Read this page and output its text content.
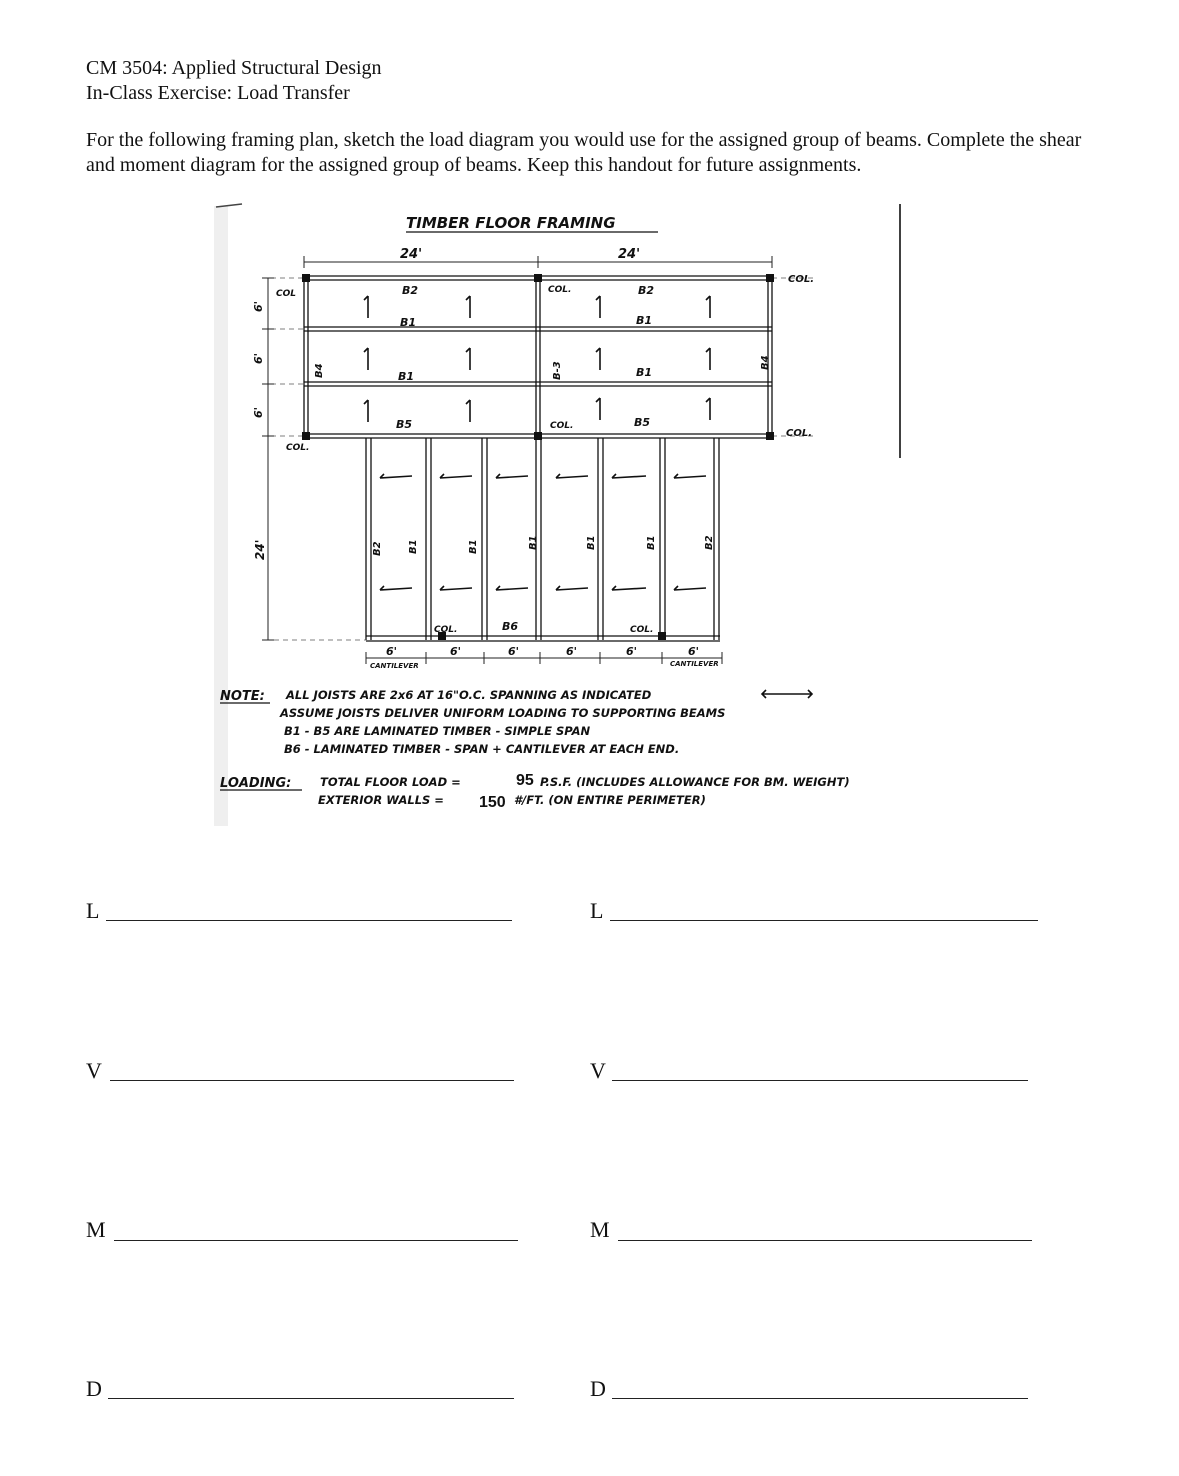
CM 3504: Applied Structural Design
In-Class Exercise: Load Transfer
For the following framing plan, sketch the load diagram you would use for the assigned group of beams. Complete the shear and moment diagram for the assigned group of beams. Keep this handout for future assignments.
TIMBER FLOOR FRAMING
24'	24'
COL	COL.
COL.
COL.
COL.
COL.
COL.	COL.
B2
B1
B1
B5
B2
B1
B1
B5
B4	B-3	B4
6'
6'
6'
24'	B2	B1	B1	B1	B1	B1	B2
B6
6'	6'	6'	6'	6'	6'
CANTILEVER	CANTILEVER
NOTE: ALL JOISTS ARE 2x6 AT 16"O.C. SPANNING AS INDICATED
ASSUME JOISTS DELIVER UNIFORM LOADING TO SUPPORTING BEAMS
B1 - B5 ARE LAMINATED TIMBER - SIMPLE SPAN
B6 - LAMINATED TIMBER - SPAN + CANTILEVER AT EACH END.
LOADING: TOTAL FLOOR LOAD =	95 P.S.F. (INCLUDES ALLOWANCE FOR BM. WEIGHT)
EXTERIOR WALLS = 150 #/FT. (ON ENTIRE PERIMETER)
L	L
V	V
M	M
D	D
